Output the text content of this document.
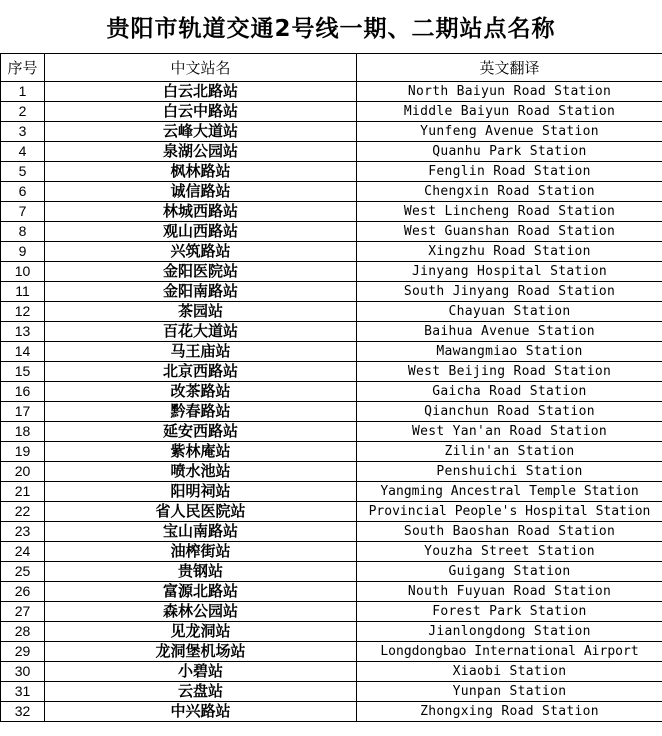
贵阳市轨道交通2号线一期、二期站点名称
序号	中文站名	英文翻译
1	白云北路站	North Baiyun Road Station
2	白云中路站	Middle Baiyun Road Station
3	云峰大道站	Yunfeng Avenue Station
4	泉湖公园站	Quanhu Park Station
5	枫林路站	Fenglin Road Station
6	诚信路站	Chengxin Road Station
7	林城西路站	West Lincheng Road Station
8	观山西路站	West Guanshan Road Station
9	兴筑路站	Xingzhu Road Station
10	金阳医院站	Jinyang Hospital Station
11	金阳南路站	South Jinyang Road Station
12	茶园站	Chayuan Station
13	百花大道站	Baihua Avenue Station
14	马王庙站	Mawangmiao Station
15	北京西路站	West Beijing Road Station
16	改茶路站	Gaicha Road Station
17	黔春路站	Qianchun Road Station
18	延安西路站	West Yan'an Road Station
19	紫林庵站	Zilin'an Station
20	喷水池站	Penshuichi Station
21	阳明祠站	Yangming Ancestral Temple Station
22	省人民医院站	Provincial People's Hospital Station
23	宝山南路站	South Baoshan Road Station
24	油榨街站	Youzha Street Station
25	贵钢站	Guigang Station
26	富源北路站	Nouth Fuyuan Road Station
27	森林公园站	Forest Park Station
28	见龙洞站	Jianlongdong Station
29	龙洞堡机场站	Longdongbao International Airport
30	小碧站	Xiaobi Station
31	云盘站	Yunpan Station
32	中兴路站	Zhongxing Road Station
